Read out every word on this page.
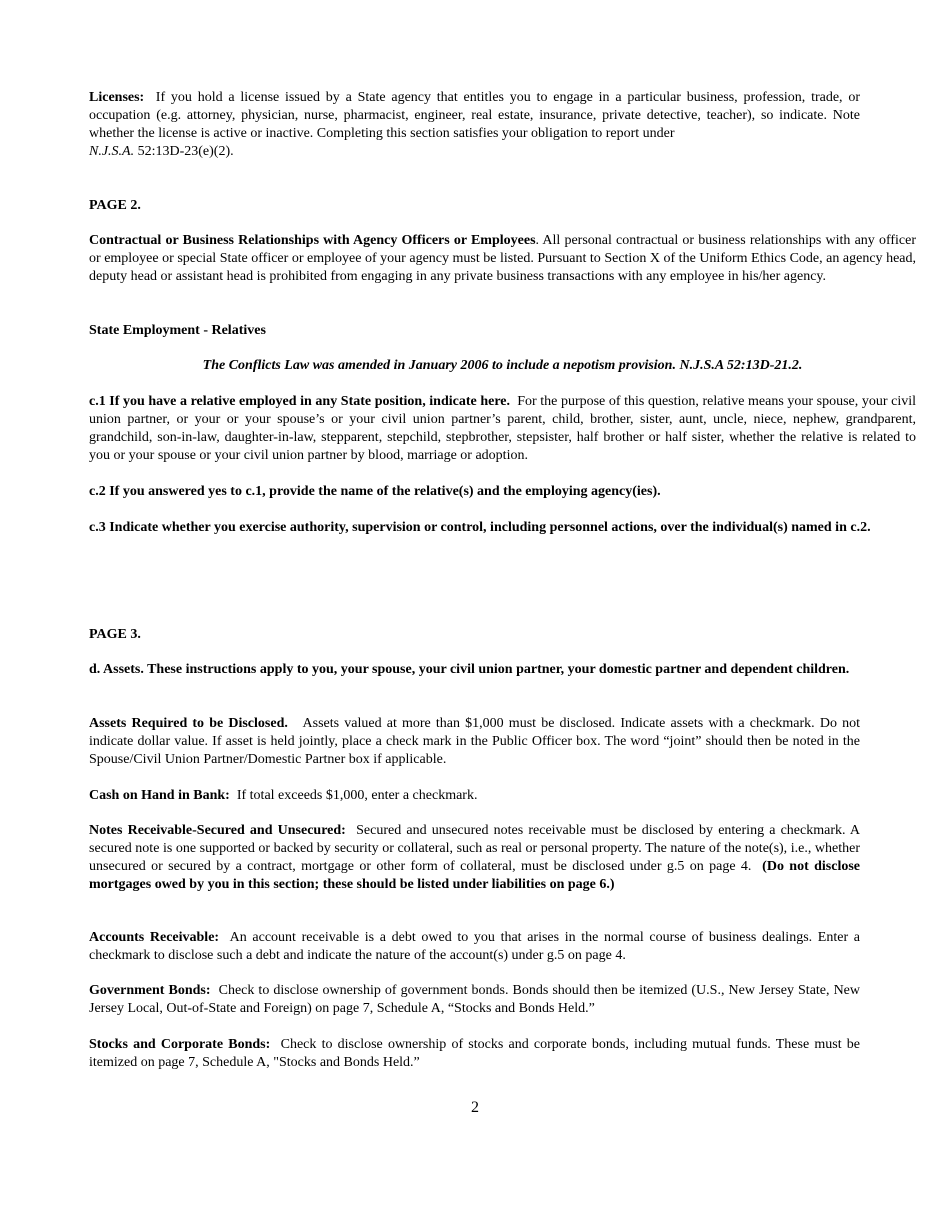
Licenses: If you hold a license issued by a State agency that entitles you to engage in a particular business, profession, trade, or occupation (e.g. attorney, physician, nurse, pharmacist, engineer, real estate, insurance, private detective, teacher), so indicate. Note whether the license is active or inactive. Completing this section satisfies your obligation to report under
N.J.S.A. 52:13D-23(e)(2).

PAGE 2.

Contractual or Business Relationships with Agency Officers or Employees. All personal contractual or business relationships with any officer or employee or special State officer or employee of your agency must be listed. Pursuant to Section X of the Uniform Ethics Code, an agency head, deputy head or assistant head is prohibited from engaging in any private business transactions with any employee in his/her agency.

State Employment - Relatives

The Conflicts Law was amended in January 2006 to include a nepotism provision. N.J.S.A 52:13D-21.2.

c.1 If you have a relative employed in any State position, indicate here. For the purpose of this question, relative means your spouse, your civil union partner, or your or your spouse’s or your civil union partner’s parent, child, brother, sister, aunt, uncle, niece, nephew, grandparent, grandchild, son-in-law, daughter-in-law, stepparent, stepchild, stepbrother, stepsister, half brother or half sister, whether the relative is related to you or your spouse or your civil union partner by blood, marriage or adoption.

c.2 If you answered yes to c.1, provide the name of the relative(s) and the employing agency(ies).

c.3 Indicate whether you exercise authority, supervision or control, including personnel actions, over the individual(s) named in c.2.

PAGE 3.

d. Assets. These instructions apply to you, your spouse, your civil union partner, your domestic partner and dependent children.

Assets Required to be Disclosed. Assets valued at more than $1,000 must be disclosed. Indicate assets with a checkmark. Do not indicate dollar value. If asset is held jointly, place a check mark in the Public Officer box. The word “joint” should then be noted in the Spouse/Civil Union Partner/Domestic Partner box if applicable.

Cash on Hand in Bank: If total exceeds $1,000, enter a checkmark.

Notes Receivable-Secured and Unsecured: Secured and unsecured notes receivable must be disclosed by entering a checkmark. A secured note is one supported or backed by security or collateral, such as real or personal property. The nature of the note(s), i.e., whether unsecured or secured by a contract, mortgage or other form of collateral, must be disclosed under g.5 on page 4. (Do not disclose mortgages owed by you in this section; these should be listed under liabilities on page 6.)

Accounts Receivable: An account receivable is a debt owed to you that arises in the normal course of business dealings. Enter a checkmark to disclose such a debt and indicate the nature of the account(s) under g.5 on page 4.

Government Bonds: Check to disclose ownership of government bonds. Bonds should then be itemized (U.S., New Jersey State, New Jersey Local, Out-of-State and Foreign) on page 7, Schedule A, “Stocks and Bonds Held.”

Stocks and Corporate Bonds: Check to disclose ownership of stocks and corporate bonds, including mutual funds. These must be itemized on page 7, Schedule A, "Stocks and Bonds Held.”

2
